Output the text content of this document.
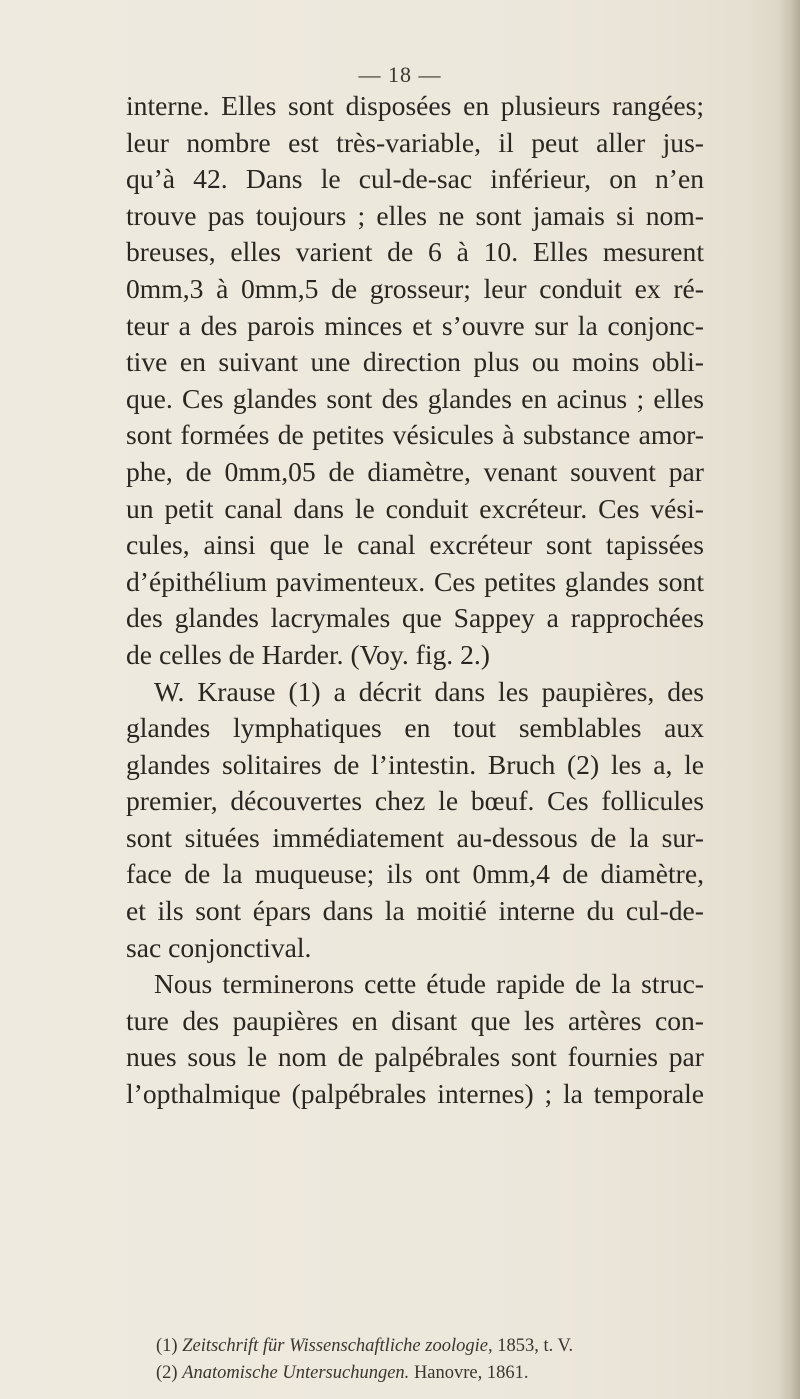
— 18 —
interne. Elles sont disposées en plusieurs rangées;
leur nombre est très-variable, il peut aller jus-
qu’à 42. Dans le cul-de-sac inférieur, on n’en
trouve pas toujours ; elles ne sont jamais si nom-
breuses, elles varient de 6 à 10. Elles mesurent
0mm,3 à 0mm,5 de grosseur; leur conduit ex ré-
teur a des parois minces et s’ouvre sur la conjonc-
tive en suivant une direction plus ou moins obli-
que. Ces glandes sont des glandes en acinus ; elles
sont formées de petites vésicules à substance amor-
phe, de 0mm,05 de diamètre, venant souvent par
un petit canal dans le conduit excréteur. Ces vési-
cules, ainsi que le canal excréteur sont tapissées
d’épithélium pavimenteux. Ces petites glandes sont
des glandes lacrymales que Sappey a rapprochées
de celles de Harder. (Voy. fig. 2.)
W. Krause (1) a décrit dans les paupières, des
glandes lymphatiques en tout semblables aux
glandes solitaires de l’intestin. Bruch (2) les a, le
premier, découvertes chez le bœuf. Ces follicules
sont situées immédiatement au-dessous de la sur-
face de la muqueuse; ils ont 0mm,4 de diamètre,
et ils sont épars dans la moitié interne du cul-de-
sac conjonctival.
Nous terminerons cette étude rapide de la struc-
ture des paupières en disant que les artères con-
nues sous le nom de palpébrales sont fournies par
l’opthalmique (palpébrales internes) ; la temporale
(1) Zeitschrift für Wissenschaftliche zoologie, 1853, t. V.
(2) Anatomische Untersuchungen. Hanovre, 1861.
